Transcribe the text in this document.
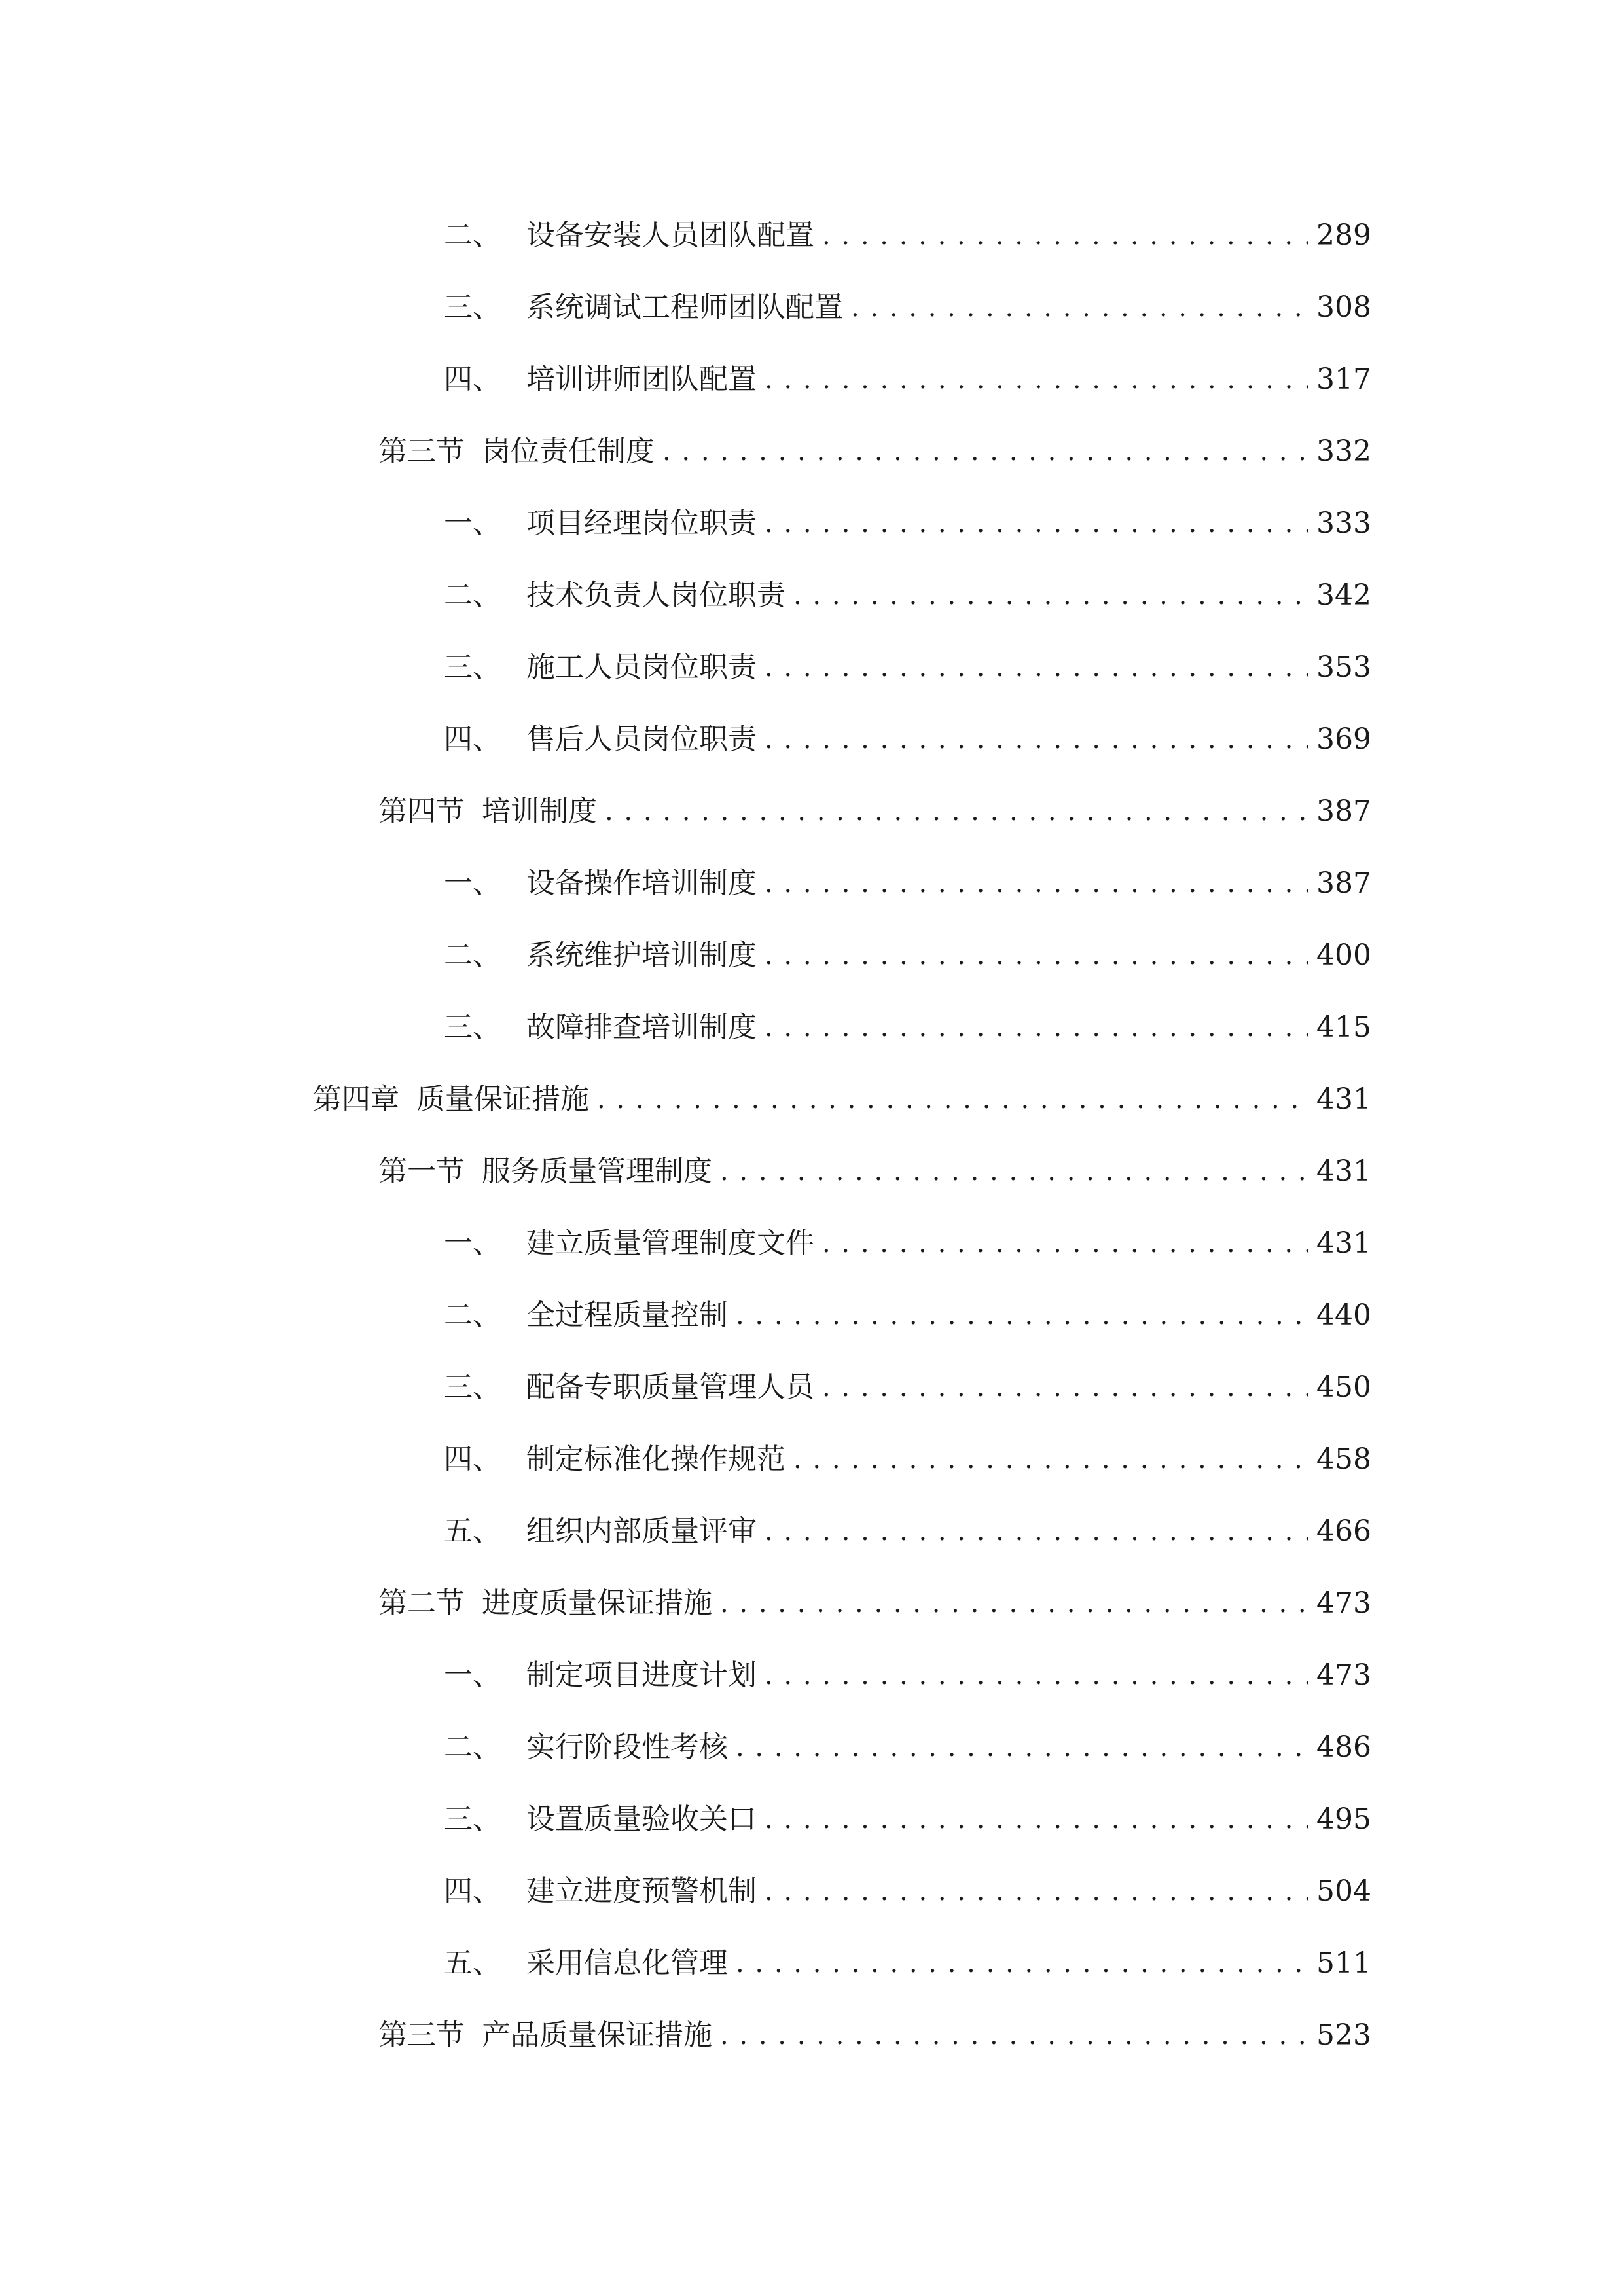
二、 设备安装人员团队配置 . . .	289
三、 系统调试工程师团队配置 . . .	308
四、 培训讲师团队配置 . . .	317
第三节 岗位责任制度 . . .	332
一、 项目经理岗位职责 . . .	333
二、 技术负责人岗位职责 . . .	342
三、 施工人员岗位职责 . . .	353
四、 售后人员岗位职责 . . .	369
第四节 培训制度 . . .	387
一、 设备操作培训制度 . . .	387
二、 系统维护培训制度 . . .	400
三、 故障排查培训制度 . . .	415
第四章 质量保证措施 . . .	431
第一节 服务质量管理制度 . . .	431
一、 建立质量管理制度文件 . . .	431
二、 全过程质量控制 . . .	440
三、 配备专职质量管理人员 . . .	450
四、 制定标准化操作规范 . . .	458
五、 组织内部质量评审 . . .	466
第二节 进度质量保证措施 . . .	473
一、 制定项目进度计划 . . .	473
二、 实行阶段性考核 . . .	486
三、 设置质量验收关口 . . .	495
四、 建立进度预警机制 . . .	504
五、 采用信息化管理 . . .	511
第三节 产品质量保证措施 . . .	523
